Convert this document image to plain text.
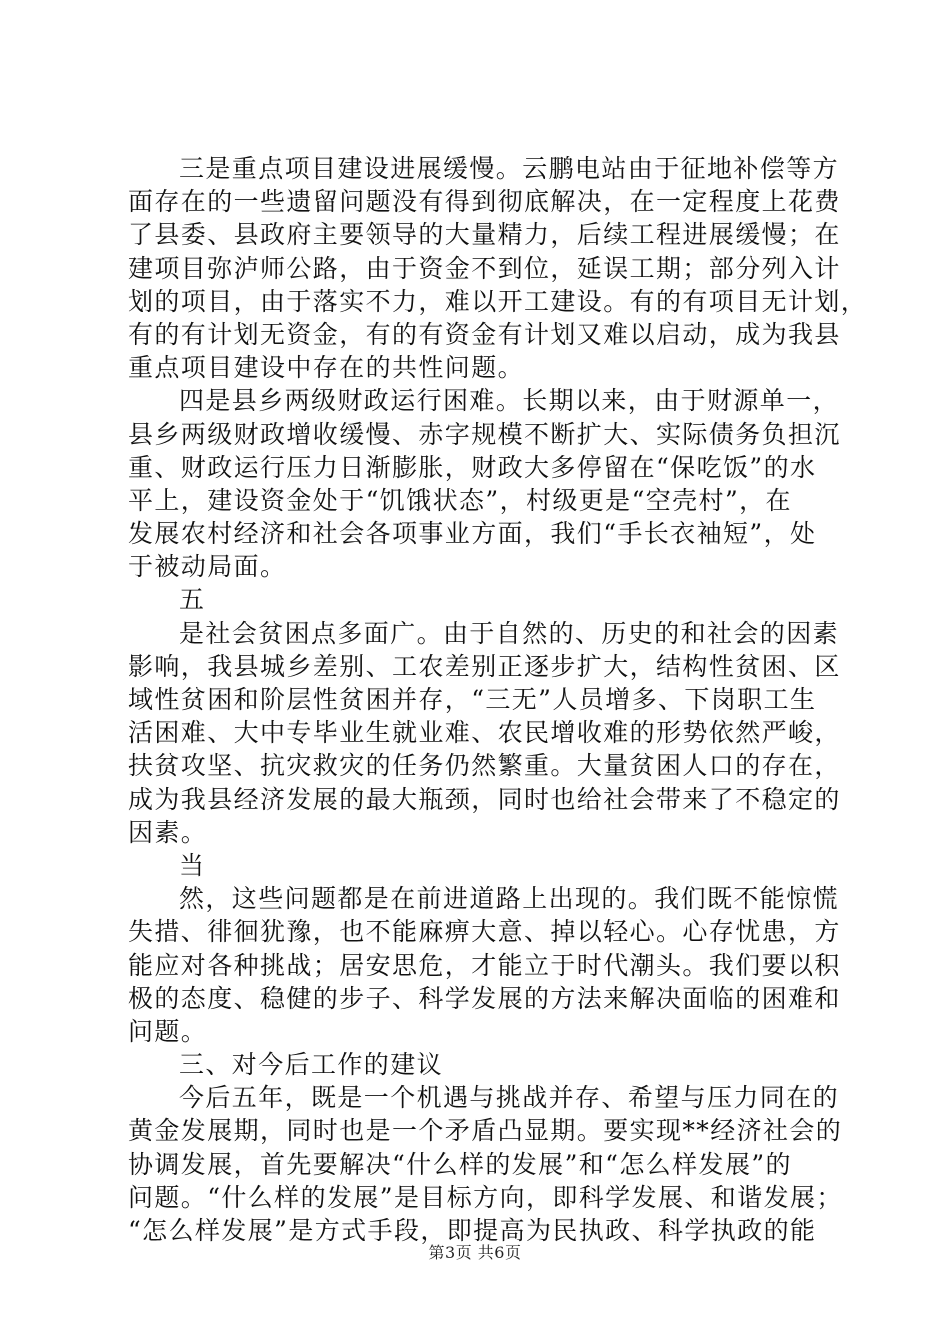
三是重点项目建设进展缓慢。云鹏电站由于征地补偿等方
面存在的一些遗留问题没有得到彻底解决，在一定程度上花费
了县委、县政府主要领导的大量精力，后续工程进展缓慢；在
建项目弥泸师公路，由于资金不到位，延误工期；部分列入计
划的项目，由于落实不力，难以开工建设。有的有项目无计划，
有的有计划无资金，有的有资金有计划又难以启动，成为我县
重点项目建设中存在的共性问题。
四是县乡两级财政运行困难。长期以来，由于财源单一，
县乡两级财政增收缓慢、赤字规模不断扩大、实际债务负担沉
重、财政运行压力日渐膨胀，财政大多停留在“保吃饭”的水
平上，建设资金处于“饥饿状态”，村级更是“空壳村”，在
发展农村经济和社会各项事业方面，我们“手长衣袖短”，处
于被动局面。
五
是社会贫困点多面广。由于自然的、历史的和社会的因素
影响，我县城乡差别、工农差别正逐步扩大，结构性贫困、区
域性贫困和阶层性贫困并存，“三无”人员增多、下岗职工生
活困难、大中专毕业生就业难、农民增收难的形势依然严峻，
扶贫攻坚、抗灾救灾的任务仍然繁重。大量贫困人口的存在，
成为我县经济发展的最大瓶颈，同时也给社会带来了不稳定的
因素。
当
然，这些问题都是在前进道路上出现的。我们既不能惊慌
失措、徘徊犹豫，也不能麻痹大意、掉以轻心。心存忧患，方
能应对各种挑战；居安思危，才能立于时代潮头。我们要以积
极的态度、稳健的步子、科学发展的方法来解决面临的困难和
问题。
三、对今后工作的建议
今后五年，既是一个机遇与挑战并存、希望与压力同在的
黄金发展期，同时也是一个矛盾凸显期。要实现**经济社会的
协调发展，首先要解决“什么样的发展”和“怎么样发展”的
问题。“什么样的发展”是目标方向，即科学发展、和谐发展；
“怎么样发展”是方式手段，即提高为民执政、科学执政的能
第3页 共6页
